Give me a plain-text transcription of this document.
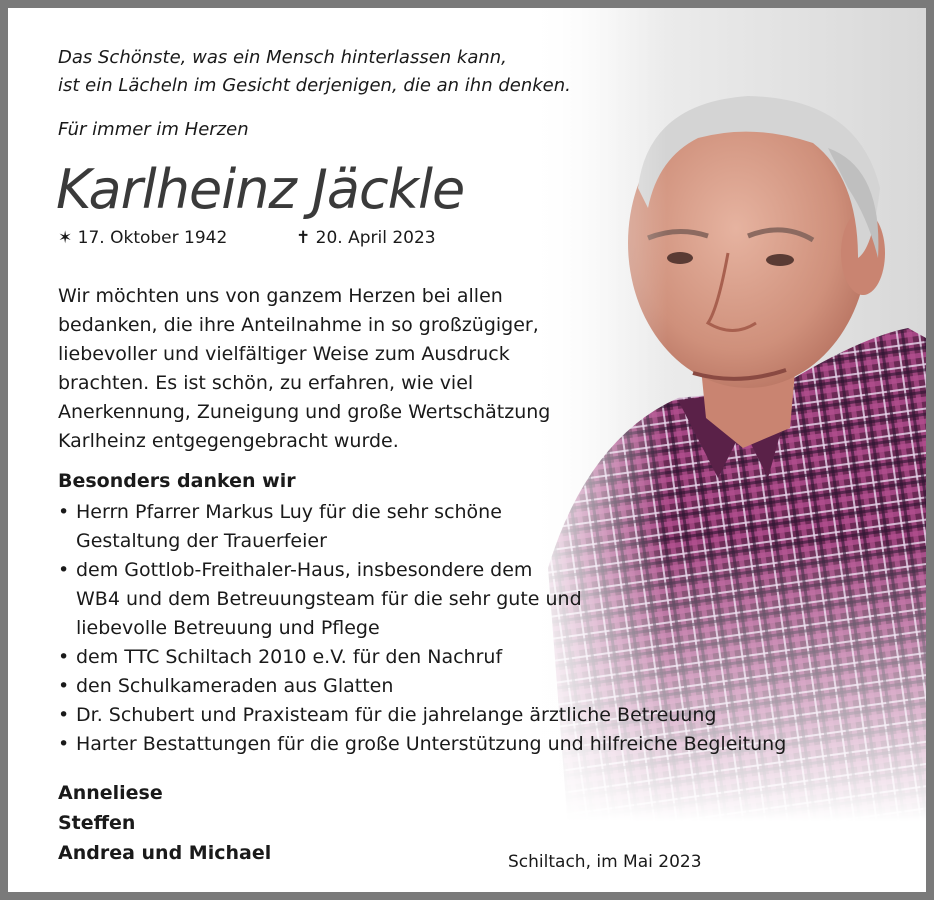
Das Schönste, was ein Mensch hinterlassen kann,
ist ein Lächeln im Gesicht derjenigen, die an ihn denken.
Für immer im Herzen
Karlheinz Jäckle
✶ 17. Oktober 1942	✝ 20. April 2023
Wir möchten uns von ganzem Herzen bei allen bedanken, die ihre Anteilnahme in so großzügiger, liebevoller und vielfältiger Weise zum Ausdruck brachten. Es ist schön, zu erfahren, wie viel Anerkennung, Zuneigung und große Wertschätzung Karlheinz entgegengebracht wurde.
Besonders danken wir
• Herrn Pfarrer Markus Luy für die sehr schöne
Gestaltung der Trauerfeier
• dem Gottlob-Freithaler-Haus, insbesondere dem
WB4 und dem Betreuungsteam für die sehr gute und
liebevolle Betreuung und Pflege
• dem TTC Schiltach 2010 e.V. für den Nachruf
• den Schulkameraden aus Glatten
• Dr. Schubert und Praxisteam für die jahrelange ärztliche Betreuung
• Harter Bestattungen für die große Unterstützung und hilfreiche Begleitung
Anneliese
Steffen
Andrea und Michael	Schiltach, im Mai 2023
